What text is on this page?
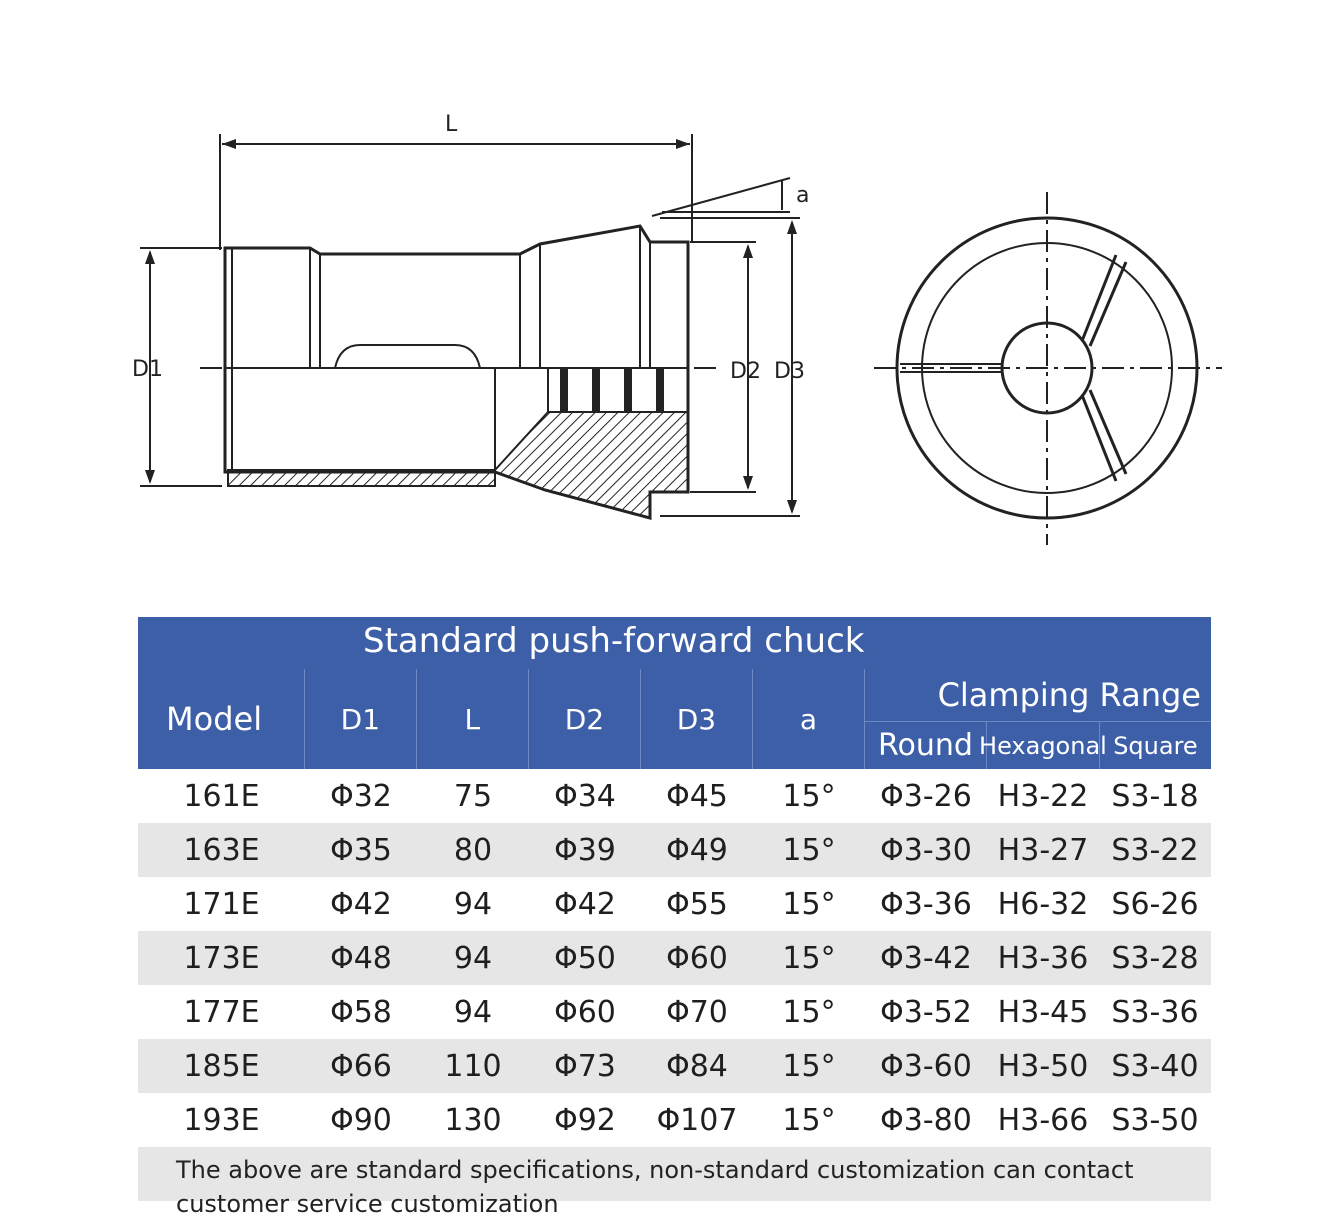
L
D1	D2 D3
a
Standard push-forward chuck
Model	D1	L	D2	D3	a
Clamping Range
Round Hexagonal Square
161E	Φ32	75	Φ34	Φ45	15°	Φ3-26 H3-22 S3-18
163E	Φ35	80	Φ39	Φ49	15°	Φ3-30 H3-27 S3-22
171E	Φ42	94	Φ42	Φ55	15°	Φ3-36 H6-32 S6-26
173E	Φ48	94	Φ50	Φ60	15°	Φ3-42 H3-36 S3-28
177E	Φ58	94	Φ60	Φ70	15°	Φ3-52 H3-45 S3-36
185E	Φ66	110	Φ73	Φ84	15°	Φ3-60 H3-50 S3-40
193E	Φ90	130	Φ92	Φ107	15°	Φ3-80 H3-66 S3-50
The above are standard specifications, non-standard customization can contact customer service customization
